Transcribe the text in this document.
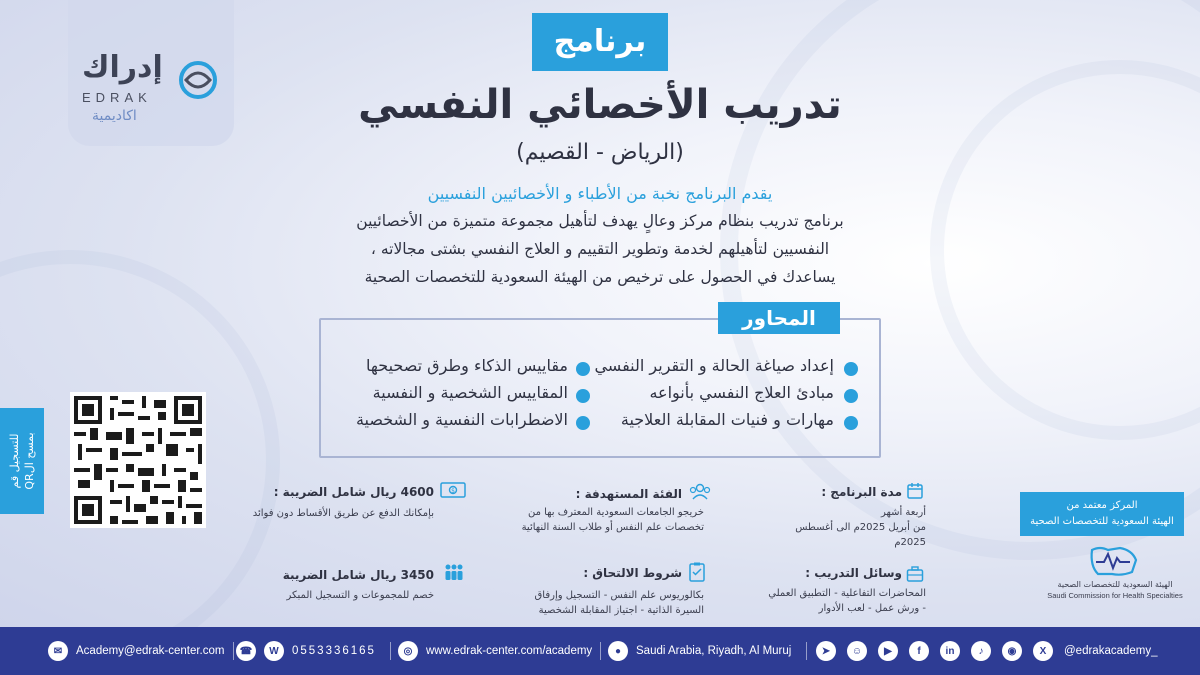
إدراك
EDRAK
اكاديمية
برنامج
تدريب الأخصائي النفسي
(الرياض - القصيم)
يقدم البرنامج نخبة من الأطباء و الأخصائيين النفسيين
برنامج تدريب بنظام مركز وعالٍ يهدف لتأهيل مجموعة متميزة من الأخصائيين
النفسيين لتأهيلهم لخدمة وتطوير التقييم و العلاج النفسي بشتى مجالاته ،
يساعدك في الحصول على ترخيص من الهيئة السعودية للتخصصات الصحية
المحاور
إعداد صياغة الحالة و التقرير النفسي
مبادئ العلاج النفسي بأنواعه
مهارات و فنيات المقابلة العلاجية
مقاييس الذكاء وطرق تصحيحها
المقاييس الشخصية و النفسية
الاضطرابات النفسية و الشخصية
للتسجيل قم بمسح الQR
مدة البرنامج :
أربعة أشهر
من أبريل 2025م الى أغسطس
2025م
الفئة المستهدفة :
خريجو الجامعات السعودية المعترف بها من
تخصصات علم النفس أو طلاب السنة النهائية
$
4600 ريال شامل الضريبة :
بإمكانك الدفع عن طريق الأقساط دون فوائد
وسائل التدريب :
المحاضرات التفاعلية - التطبيق العملي
- ورش عمل - لعب الأدوار
شروط الالتحاق :
بكالوريوس علم النفس - التسجيل وإرفاق
السيرة الذاتية - اجتياز المقابلة الشخصية
3450 ريال شامل الضريبة
خصم للمجموعات و التسجيل المبكر
المركز معتمد من
الهيئة السعودية للتخصصات الصحية
الهيئة السعودية للتخصصات الصحية
Saudi Commission for Health Specialties
✉	Academy@edrak-center.com	☎	W	0553336165	◎	www.edrak-center.com/academy	●	Saudi Arabia, Riyadh, Al Muruj	➤	☺	▶	f	in	♪	◉	X	@edrakacademy_
